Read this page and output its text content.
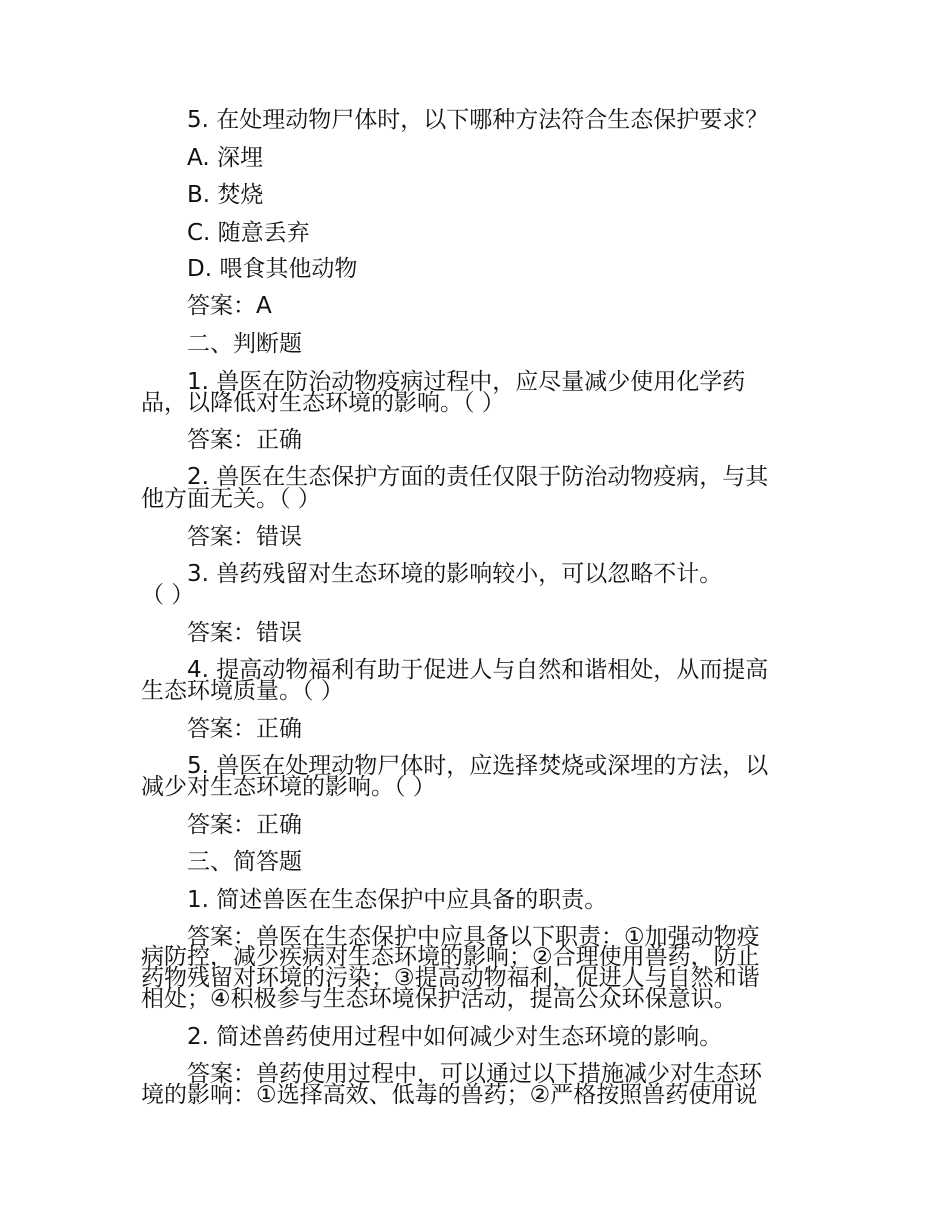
5. 在处理动物尸体时，以下哪种方法符合生态保护要求？
A. 深埋
B. 焚烧
C. 随意丢弃
D. 喂食其他动物
答案：A
二、判断题
1. 兽医在防治动物疫病过程中，应尽量减少使用化学药
品，以降低对生态环境的影响。（ ）
答案：正确
2. 兽医在生态保护方面的责任仅限于防治动物疫病，与其
他方面无关。（ ）
答案：错误
3. 兽药残留对生态环境的影响较小，可以忽略不计。
（ ）
答案：错误
4. 提高动物福利有助于促进人与自然和谐相处，从而提高
生态环境质量。（ ）
答案：正确
5. 兽医在处理动物尸体时，应选择焚烧或深埋的方法，以
减少对生态环境的影响。（ ）
答案：正确
三、简答题
1. 简述兽医在生态保护中应具备的职责。
答案：兽医在生态保护中应具备以下职责：①加强动物疫
病防控，减少疾病对生态环境的影响；②合理使用兽药，防止
药物残留对环境的污染；③提高动物福利，促进人与自然和谐
相处；④积极参与生态环境保护活动，提高公众环保意识。
2. 简述兽药使用过程中如何减少对生态环境的影响。
答案：兽药使用过程中，可以通过以下措施减少对生态环
境的影响：①选择高效、低毒的兽药；②严格按照兽药使用说
